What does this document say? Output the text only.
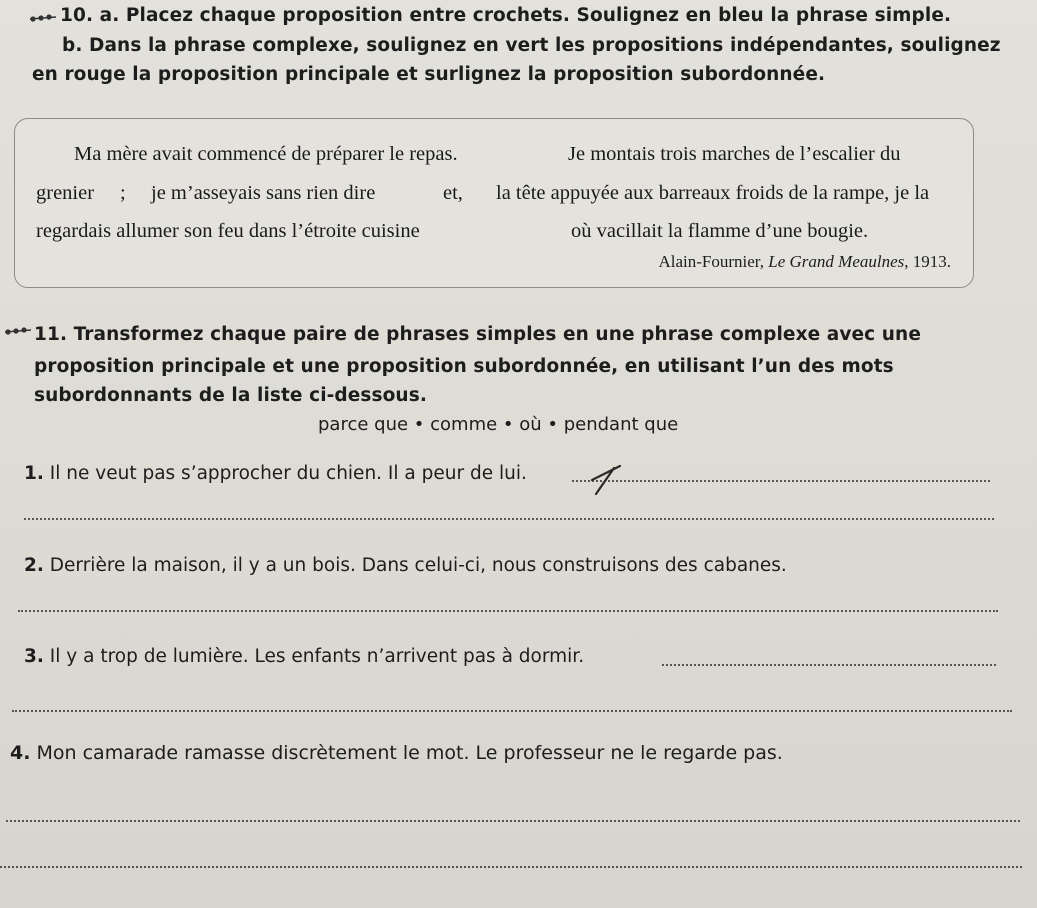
10. a. Placez chaque proposition entre crochets. Soulignez en bleu la phrase simple.
b. Dans la phrase complexe, soulignez en vert les propositions indépendantes, soulignez
en rouge la proposition principale et surlignez la proposition subordonnée.
Ma mère avait commencé de préparer le repas.	Je montais trois marches de l’escalier du
grenier ; je m’asseyais sans rien dire	et, la tête appuyée aux barreaux froids de la rampe, je la
regardais allumer son feu dans l’étroite cuisine	où vacillait la flamme d’une bougie.
Alain-Fournier, Le Grand Meaulnes, 1913.
11. Transformez chaque paire de phrases simples en une phrase complexe avec une
proposition principale et une proposition subordonnée, en utilisant l’un des mots
subordonnants de la liste ci-dessous.
parce que • comme • où • pendant que
1. Il ne veut pas s’approcher du chien. Il a peur de lui.
2. Derrière la maison, il y a un bois. Dans celui-ci, nous construisons des cabanes.
3. Il y a trop de lumière. Les enfants n’arrivent pas à dormir.
4. Mon camarade ramasse discrètement le mot. Le professeur ne le regarde pas.
